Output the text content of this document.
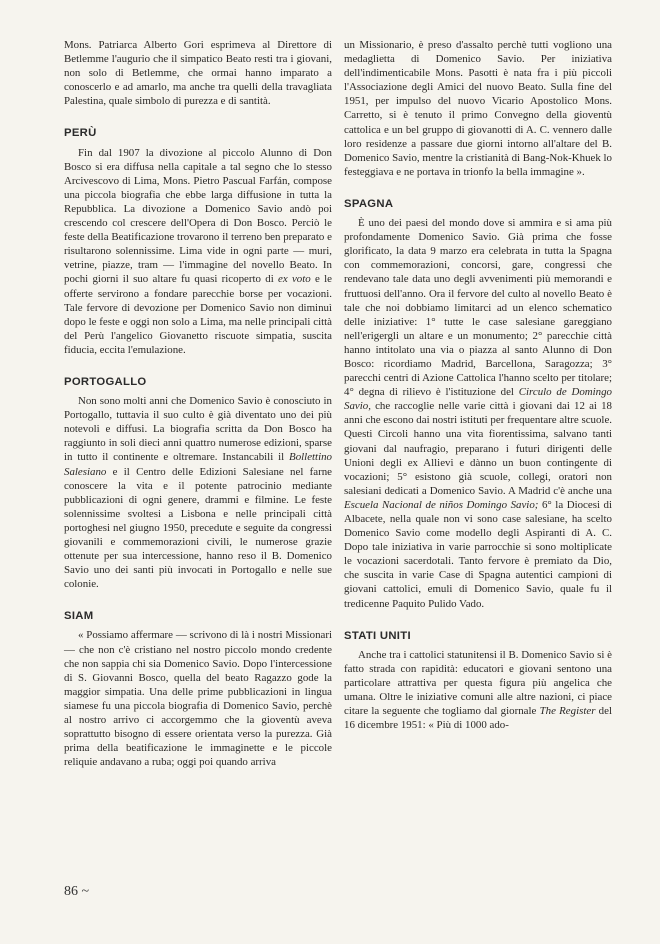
Mons. Patriarca Alberto Gori esprimeva al Direttore di Betlemme l'augurio che il simpatico Beato resti tra i giovani, non solo di Betlemme, che ormai hanno imparato a conoscerlo e ad amarlo, ma anche tra quelli della travagliata Palestina, quale simbolo di purezza e di santità.

PERÙ

Fin dal 1907 la divozione al piccolo Alunno di Don Bosco si era diffusa nella capitale a tal segno che lo stesso Arcivescovo di Lima, Mons. Pietro Pascual Farfán, compose una piccola biografia che ebbe larga diffusione in tutta la Repubblica. La divozione a Domenico Savio andò poi crescendo col crescere dell'Opera di Don Bosco. Perciò le feste della Beatificazione trovarono il terreno ben preparato e risultarono solennissime. Lima vide in ogni parte — muri, vetrine, piazze, tram — l'immagine del novello Beato. In pochi giorni il suo altare fu quasi ricoperto di ex voto e le offerte servirono a fondare parecchie borse per vocazioni. Tale fervore di devozione per Domenico Savio non diminuì dopo le feste e oggi non solo a Lima, ma nelle principali città del Perù l'angelico Giovanetto riscuote simpatia, suscita fiducia, eccita l'emulazione.

PORTOGALLO

Non sono molti anni che Domenico Savio è conosciuto in Portogallo, tuttavia il suo culto è già diventato uno dei più notevoli e diffusi. La biografia scritta da Don Bosco ha raggiunto in soli dieci anni quattro numerose edizioni, sparse in tutto il continente e oltremare. Instancabili il Bollettino Salesiano e il Centro delle Edizioni Salesiane nel farne conoscere la vita e il potente patrocinio mediante pubblicazioni di ogni genere, drammi e filmine. Le feste solennissime svoltesi a Lisbona e nelle principali città portoghesi nel giugno 1950, precedute e seguite da congressi giovanili e commemorazioni civili, le numerose grazie ottenute per sua intercessione, hanno reso il B. Domenico Savio uno dei santi più invocati in Portogallo e nelle sue colonie.

SIAM

« Possiamo affermare — scrivono di là i nostri Missionari — che non c'è cristiano nel nostro piccolo mondo credente che non sappia chi sia Domenico Savio. Dopo l'intercessione di S. Giovanni Bosco, quella del beato Ragazzo gode la maggior simpatia. Una delle prime pubblicazioni in lingua siamese fu una piccola biografia di Domenico Savio, perchè al nostro arrivo ci accorgemmo che la gioventù aveva soprattutto bisogno di essere orientata verso la purezza. Già prima della beatificazione le immaginette e le piccole reliquie andavano a ruba; oggi poi quando arriva

un Missionario, è preso d'assalto perchè tutti vogliono una medaglietta di Domenico Savio. Per iniziativa dell'indimenticabile Mons. Pasotti è nata fra i più piccoli l'Associazione degli Amici del nuovo Beato. Sulla fine del 1951, per impulso del nuovo Vicario Apostolico Mons. Carretto, si è tenuto il primo Convegno della gioventù cattolica e un bel gruppo di giovanotti di A. C. vennero dalle loro residenze a passare due giorni intorno all'altare del B. Domenico Savio, mentre la cristianità di Bang-Nok-Khuek lo festeggiava e ne portava in trionfo la bella immagine ».

SPAGNA

È uno dei paesi del mondo dove si ammira e si ama più profondamente Domenico Savio. Già prima che fosse glorificato, la data 9 marzo era celebrata in tutta la Spagna con commemorazioni, concorsi, gare, congressi che rendevano tale data uno degli avvenimenti più memorandi e fruttuosi dell'anno. Ora il fervore del culto al novello Beato è tale che noi dobbiamo limitarci ad un elenco schematico delle iniziative: 1° tutte le case salesiane gareggiano nell'erigergli un altare e un monumento; 2° parecchie città hanno intitolato una via o piazza al santo Alunno di Don Bosco: ricordiamo Madrid, Barcellona, Saragozza; 3° parecchi centri di Azione Cattolica l'hanno scelto per titolare; 4° degna di rilievo è l'istituzione del Circulo de Domingo Savio, che raccoglie nelle varie città i giovani dai 12 ai 18 anni che escono dai nostri istituti per frequentare altre scuole. Questi Circoli hanno una vita fiorentissima, salvano tanti giovani dal naufragio, preparano i futuri dirigenti delle Unioni degli ex Allievi e dànno un buon contingente di vocazioni; 5° esistono già scuole, collegi, oratori non salesiani dedicati a Domenico Savio. A Madrid c'è anche una Escuela Nacional de niños Domingo Savio; 6° la Diocesi di Albacete, nella quale non vi sono case salesiane, ha scelto Domenico Savio come modello degli Aspiranti di A. C. Dopo tale iniziativa in varie parrocchie si sono moltiplicate le vocazioni sacerdotali. Tanto fervore è premiato da Dio, che suscita in varie Case di Spagna autentici campioni di giovani cattolici, emuli di Domenico Savio, quale fu il tredicenne Paquito Pulido Vado.

STATI UNITI

Anche tra i cattolici statunitensi il B. Domenico Savio si è fatto strada con rapidità: educatori e giovani sentono una particolare attrattiva per questa figura più angelica che umana. Oltre le iniziative comuni alle altre nazioni, ci piace citare la seguente che togliamo dal giornale The Register del 16 dicembre 1951: « Più di 1000 ado-

86 ~
